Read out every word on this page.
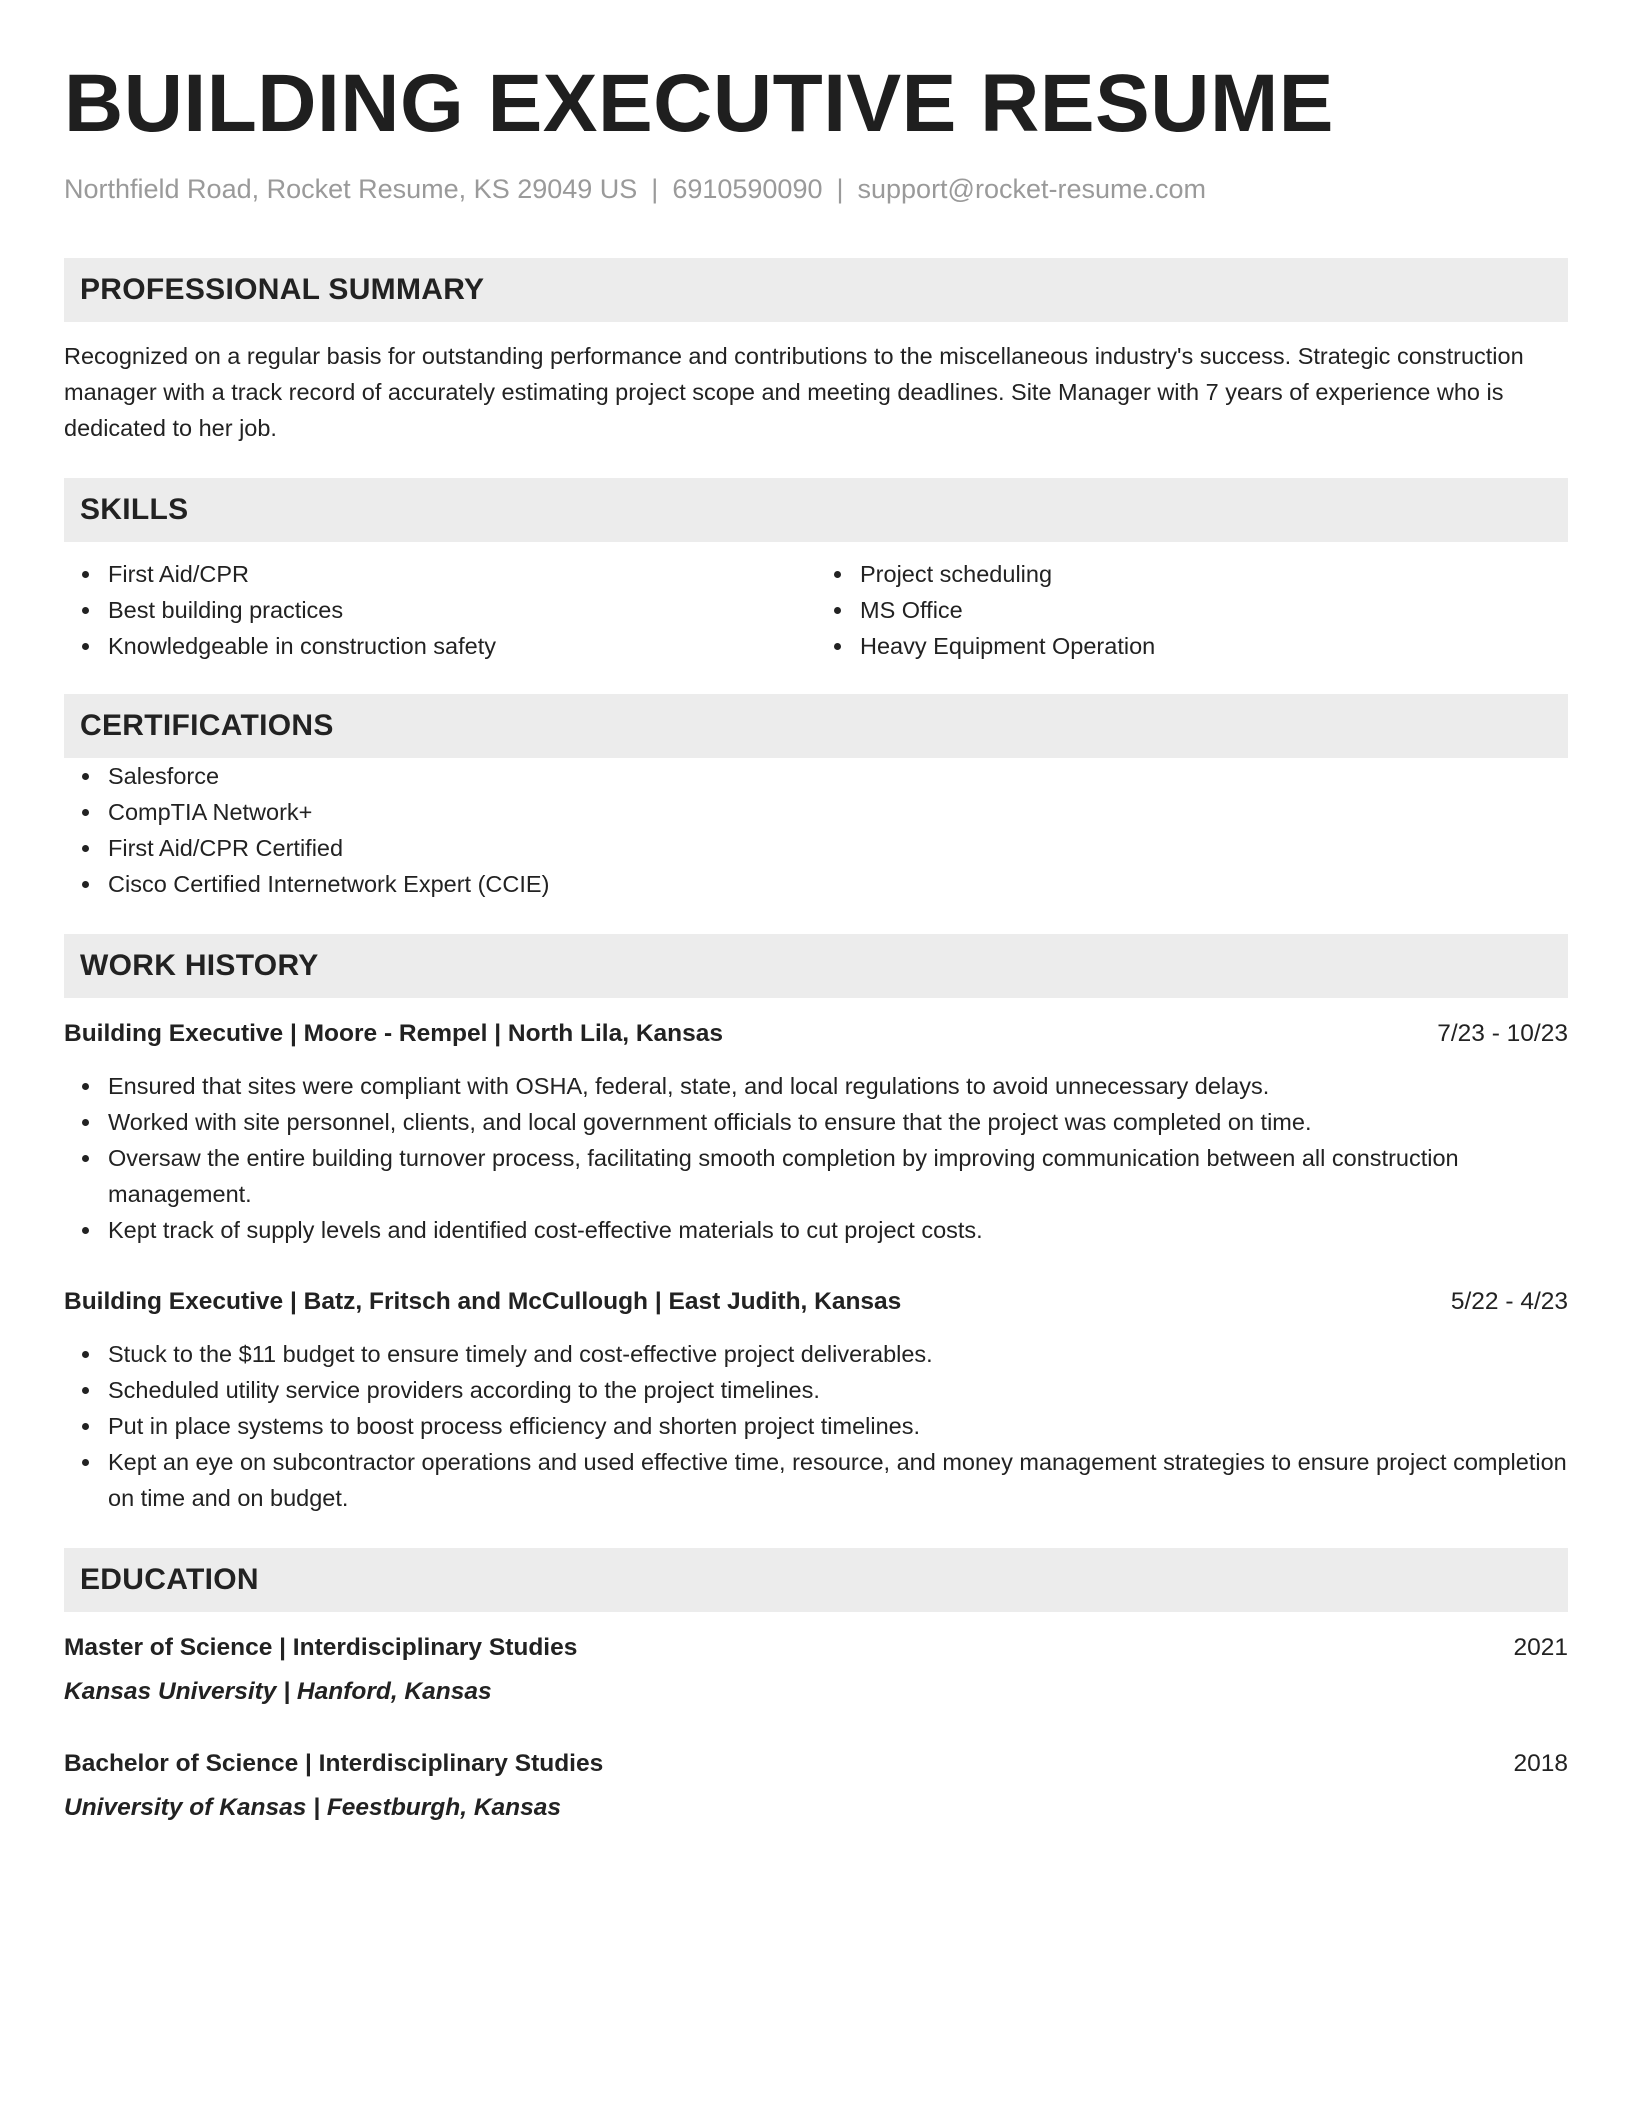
BUILDING EXECUTIVE RESUME
Northfield Road, Rocket Resume, KS 29049 US | 6910590090 | support@rocket-resume.com
PROFESSIONAL SUMMARY

Recognized on a regular basis for outstanding performance and contributions to the miscellaneous industry's success. Strategic construction manager with a track record of accurately estimating project scope and meeting deadlines. Site Manager with 7 years of experience who is dedicated to her job.

SKILLS
First Aid/CPR
Best building practices
Knowledgeable in construction safety
Project scheduling
MS Office
Heavy Equipment Operation
CERTIFICATIONS
Salesforce
CompTIA Network+
First Aid/CPR Certified
Cisco Certified Internetwork Expert (CCIE)
WORK HISTORY
Building Executive | Moore - Rempel | North Lila, Kansas	7/23 - 10/23
Ensured that sites were compliant with OSHA, federal, state, and local regulations to avoid unnecessary delays.
Worked with site personnel, clients, and local government officials to ensure that the project was completed on time.
Oversaw the entire building turnover process, facilitating smooth completion by improving communication between all construction management.
Kept track of supply levels and identified cost-effective materials to cut project costs.
Building Executive | Batz, Fritsch and McCullough | East Judith, Kansas	5/22 - 4/23
Stuck to the $11 budget to ensure timely and cost-effective project deliverables.
Scheduled utility service providers according to the project timelines.
Put in place systems to boost process efficiency and shorten project timelines.
Kept an eye on subcontractor operations and used effective time, resource, and money management strategies to ensure project completion on time and on budget.
EDUCATION
Master of Science | Interdisciplinary Studies	2021
Kansas University | Hanford, Kansas
Bachelor of Science | Interdisciplinary Studies	2018
University of Kansas | Feestburgh, Kansas
